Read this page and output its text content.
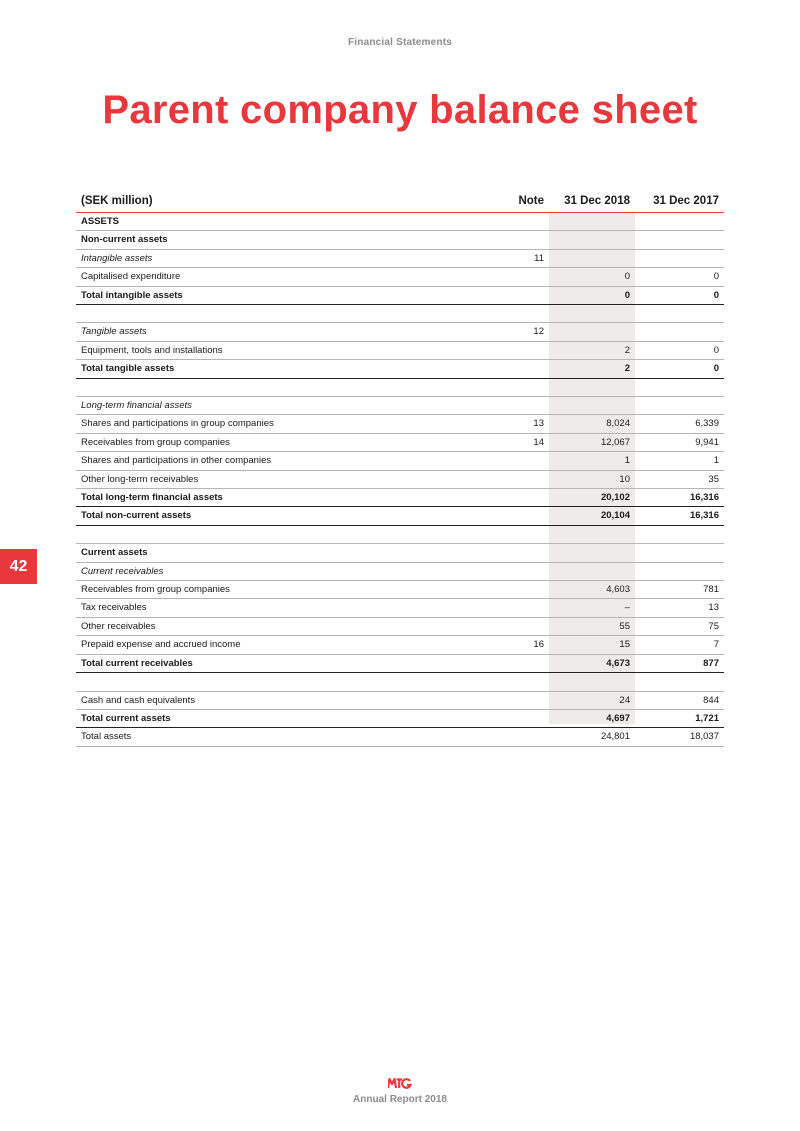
Financial Statements
Parent company balance sheet
42
(SEK million)	Note	31 Dec 2018	31 Dec 2017
ASSETS			
Non-current assets			
Intangible assets	11		
Capitalised expenditure		0	0
Total intangible assets		0	0

Tangible assets	12		
Equipment, tools and installations		2	0
Total tangible assets		2	0

Long-term financial assets			
Shares and participations in group companies	13	8,024	6,339
Receivables from group companies	14	12,067	9,941
Shares and participations in other companies		1	1
Other long-term receivables		10	35
Total long-term financial assets		20,102	16,316
Total non-current assets		20,104	16,316

Current assets			
Current receivables			
Receivables from group companies		4,603	781
Tax receivables		–	13
Other receivables		55	75
Prepaid expense and accrued income	16	15	7
Total current receivables		4,673	877

Cash and cash equivalents		24	844
Total current assets		4,697	1,721
Total assets		24,801	18,037
Annual Report 2018
